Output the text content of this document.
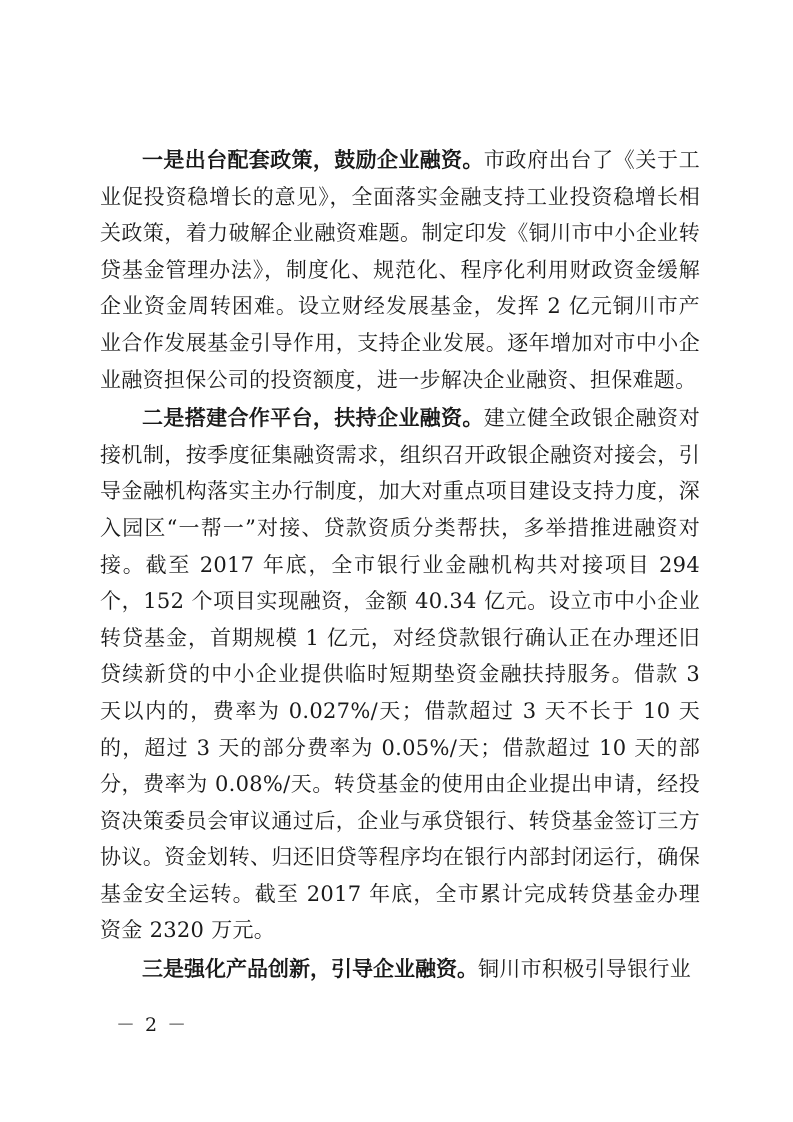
一是出台配套政策，鼓励企业融资。市政府出台了《关于工业促投资稳增长的意见》，全面落实金融支持工业投资稳增长相关政策，着力破解企业融资难题。制定印发《铜川市中小企业转贷基金管理办法》，制度化、规范化、程序化利用财政资金缓解企业资金周转困难。设立财经发展基金，发挥 2 亿元铜川市产业合作发展基金引导作用，支持企业发展。逐年增加对市中小企业融资担保公司的投资额度，进一步解决企业融资、担保难题。

二是搭建合作平台，扶持企业融资。建立健全政银企融资对接机制，按季度征集融资需求，组织召开政银企融资对接会，引导金融机构落实主办行制度，加大对重点项目建设支持力度，深入园区“一帮一”对接、贷款资质分类帮扶，多举措推进融资对接。截至 2017 年底，全市银行业金融机构共对接项目 294 个，152 个项目实现融资，金额 40.34 亿元。设立市中小企业转贷基金，首期规模 1 亿元，对经贷款银行确认正在办理还旧贷续新贷的中小企业提供临时短期垫资金融扶持服务。借款 3 天以内的，费率为 0.027%/天；借款超过 3 天不长于 10 天的，超过 3 天的部分费率为 0.05%/天；借款超过 10 天的部分，费率为 0.08%/天。转贷基金的使用由企业提出申请，经投资决策委员会审议通过后，企业与承贷银行、转贷基金签订三方协议。资金划转、归还旧贷等程序均在银行内部封闭运行，确保基金安全运转。截至 2017 年底，全市累计完成转贷基金办理资金 2320 万元。

三是强化产品创新，引导企业融资。铜川市积极引导银行业

－ 2 －
